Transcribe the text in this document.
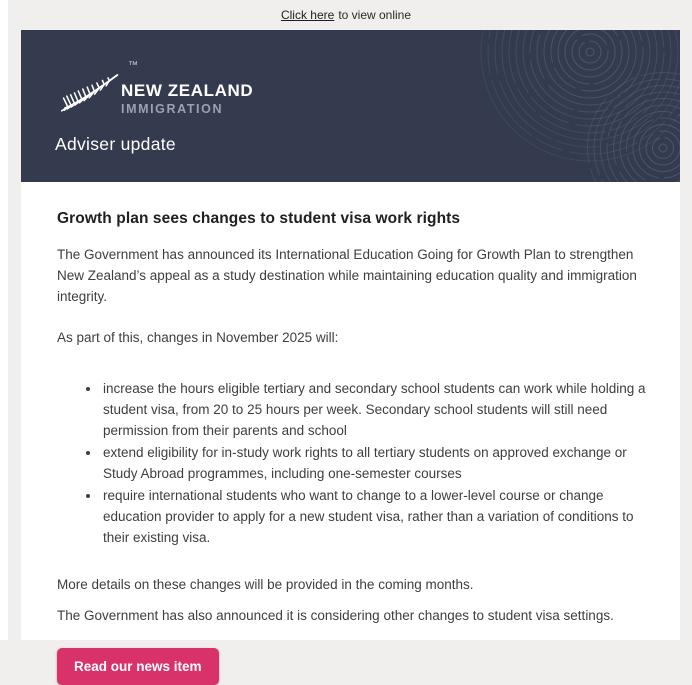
Click here to view online
™
NEW ZEALAND
IMMIGRATION
Adviser update
Growth plan sees changes to student visa work rights

The Government has announced its International Education Going for Growth Plan to strengthen New Zealand’s appeal as a study destination while maintaining education quality and immigration integrity.

As part of this, changes in November 2025 will:

• increase the hours eligible tertiary and secondary school students can work while holding a student visa, from 20 to 25 hours per week. Secondary school students will still need permission from their parents and school
• extend eligibility for in-study work rights to all tertiary students on approved exchange or Study Abroad programmes, including one-semester courses
• require international students who want to change to a lower-level course or change education provider to apply for a new student visa, rather than a variation of conditions to their existing visa.

More details on these changes will be provided in the coming months.

The Government has also announced it is considering other changes to student visa settings.

Read our news item
